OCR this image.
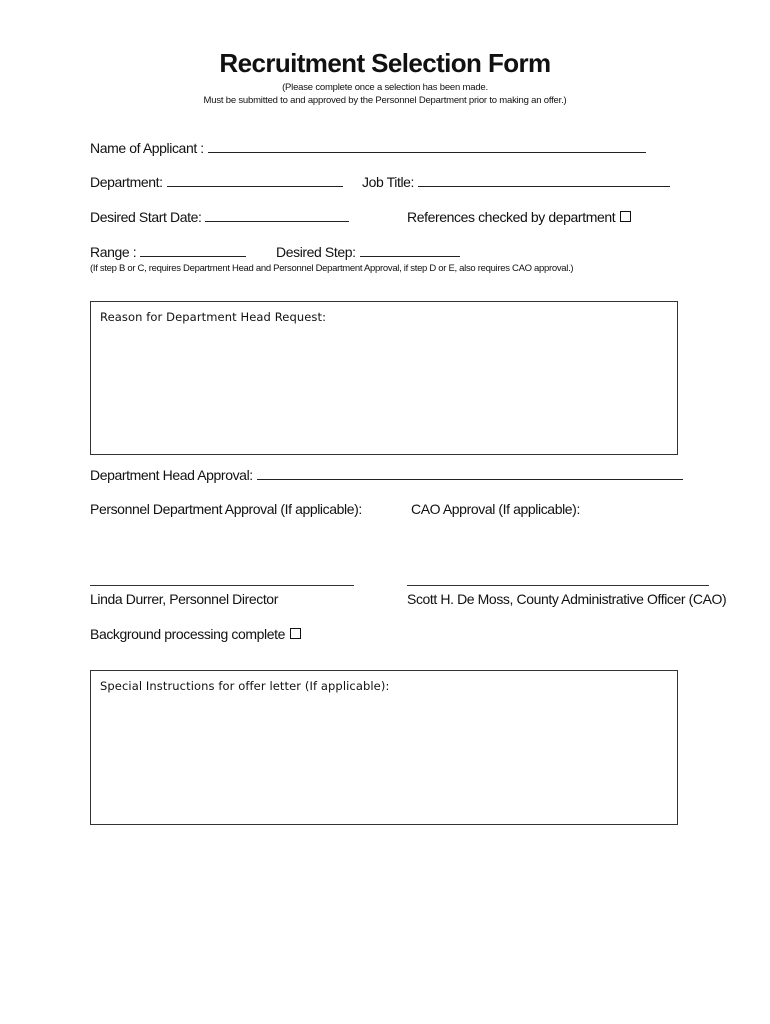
Recruitment Selection Form
(Please complete once a selection has been made.
Must be submitted to and approved by the Personnel Department prior to making an offer.)
Name of Applicant :
Department:	Job Title:
Desired Start Date:	References checked by department
Range :	Desired Step:
(If step B or C, requires Department Head and Personnel Department Approval, if step D or E, also requires CAO approval.)
Reason for Department Head Request:
Department Head Approval:
Personnel Department Approval (If applicable):	CAO Approval (If applicable):
Linda Durrer, Personnel Director	Scott H. De Moss, County Administrative Officer (CAO)
Background processing complete
Special Instructions for offer letter (If applicable):
